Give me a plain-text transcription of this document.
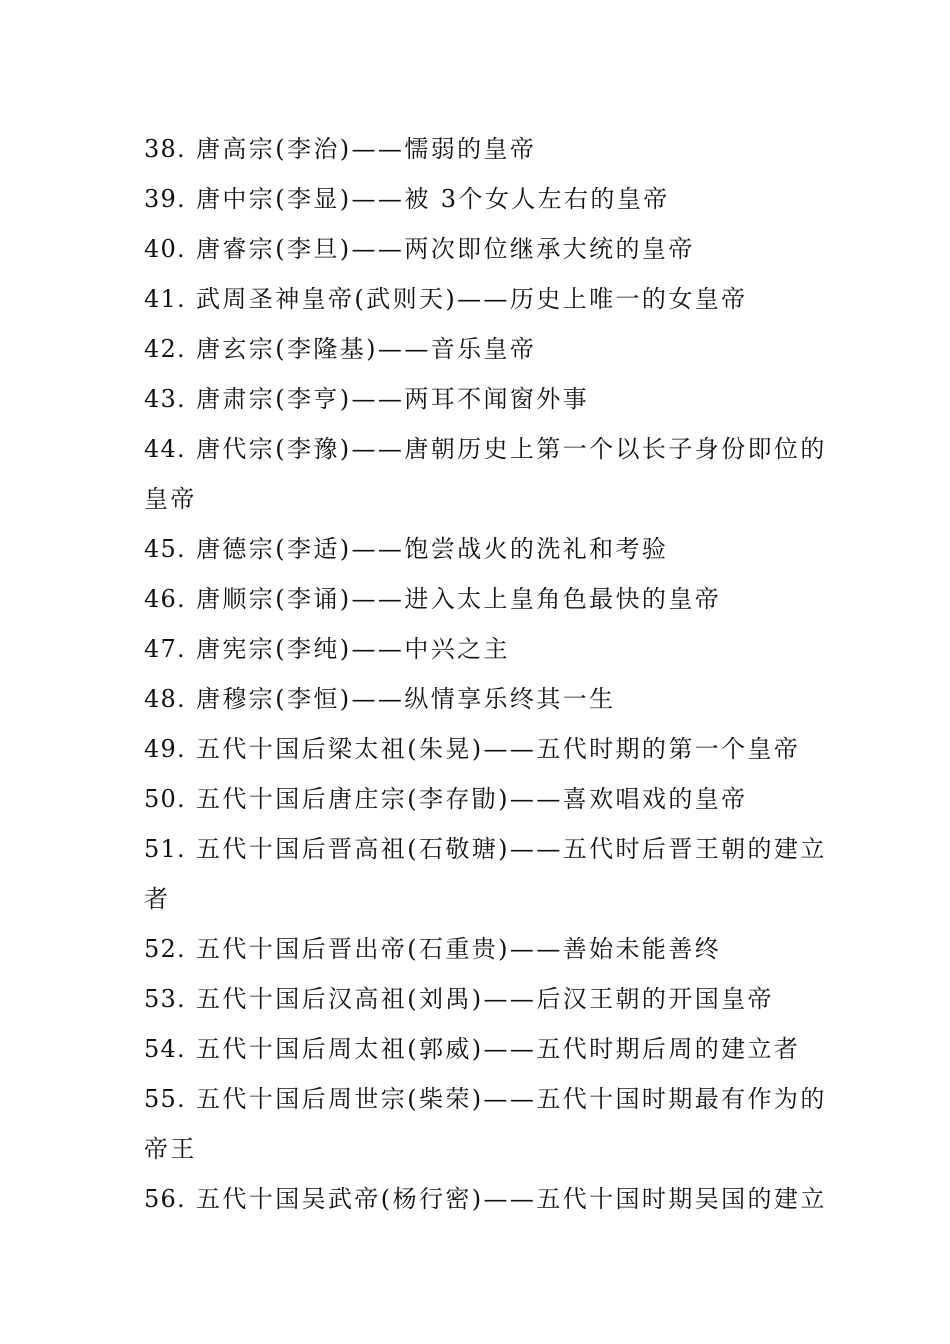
38. 唐高宗(李治)——懦弱的皇帝
39. 唐中宗(李显)——被 3个女人左右的皇帝
40. 唐睿宗(李旦)——两次即位继承大统的皇帝
41. 武周圣神皇帝(武则天)——历史上唯一的女皇帝
42. 唐玄宗(李隆基)——音乐皇帝
43. 唐肃宗(李亨)——两耳不闻窗外事
44. 唐代宗(李豫)——唐朝历史上第一个以长子身份即位的
皇帝
45. 唐德宗(李适)——饱尝战火的洗礼和考验
46. 唐顺宗(李诵)——进入太上皇角色最快的皇帝
47. 唐宪宗(李纯)——中兴之主
48. 唐穆宗(李恒)——纵情享乐终其一生
49. 五代十国后梁太祖(朱晃)——五代时期的第一个皇帝
50. 五代十国后唐庄宗(李存勖)——喜欢唱戏的皇帝
51. 五代十国后晋高祖(石敬瑭)——五代时后晋王朝的建立
者
52. 五代十国后晋出帝(石重贵)——善始未能善终
53. 五代十国后汉高祖(刘禺)——后汉王朝的开国皇帝
54. 五代十国后周太祖(郭威)——五代时期后周的建立者
55. 五代十国后周世宗(柴荣)——五代十国时期最有作为的
帝王
56. 五代十国吴武帝(杨行密)——五代十国时期吴国的建立
